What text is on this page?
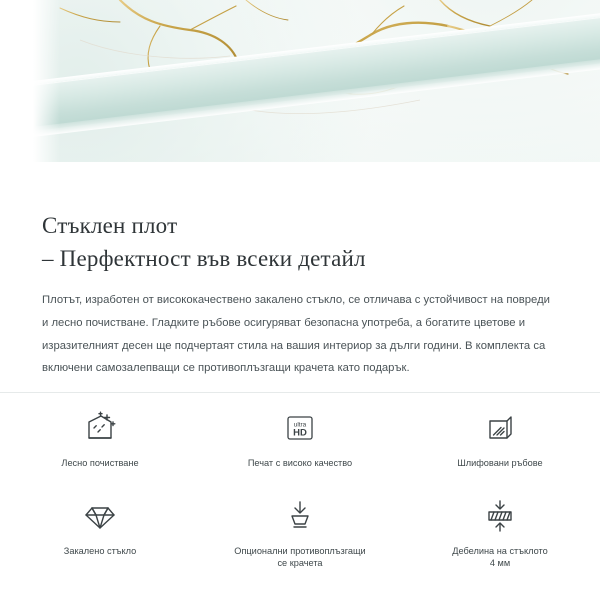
Стъклен плот
– Перфектност във всеки детайл

Плотът, изработен от висококачествено закалено стъкло, се отличава с устойчивост на повреди и лесно почистване. Гладките ръбове осигуряват безопасна употреба, а богатите цветове и изразителният десен ще подчертаят стила на вашия интериор за дълги години. В комплекта са включени самозалепващи се противоплъзгащи крачета като подарък.

Лесно почистване
ultra
HD
Печат с високо качество	Шлифовани ръбове
Закалено стъкло	Опционални противоплъзгащи
се крачета
Дебелина на стъклото
4 мм
